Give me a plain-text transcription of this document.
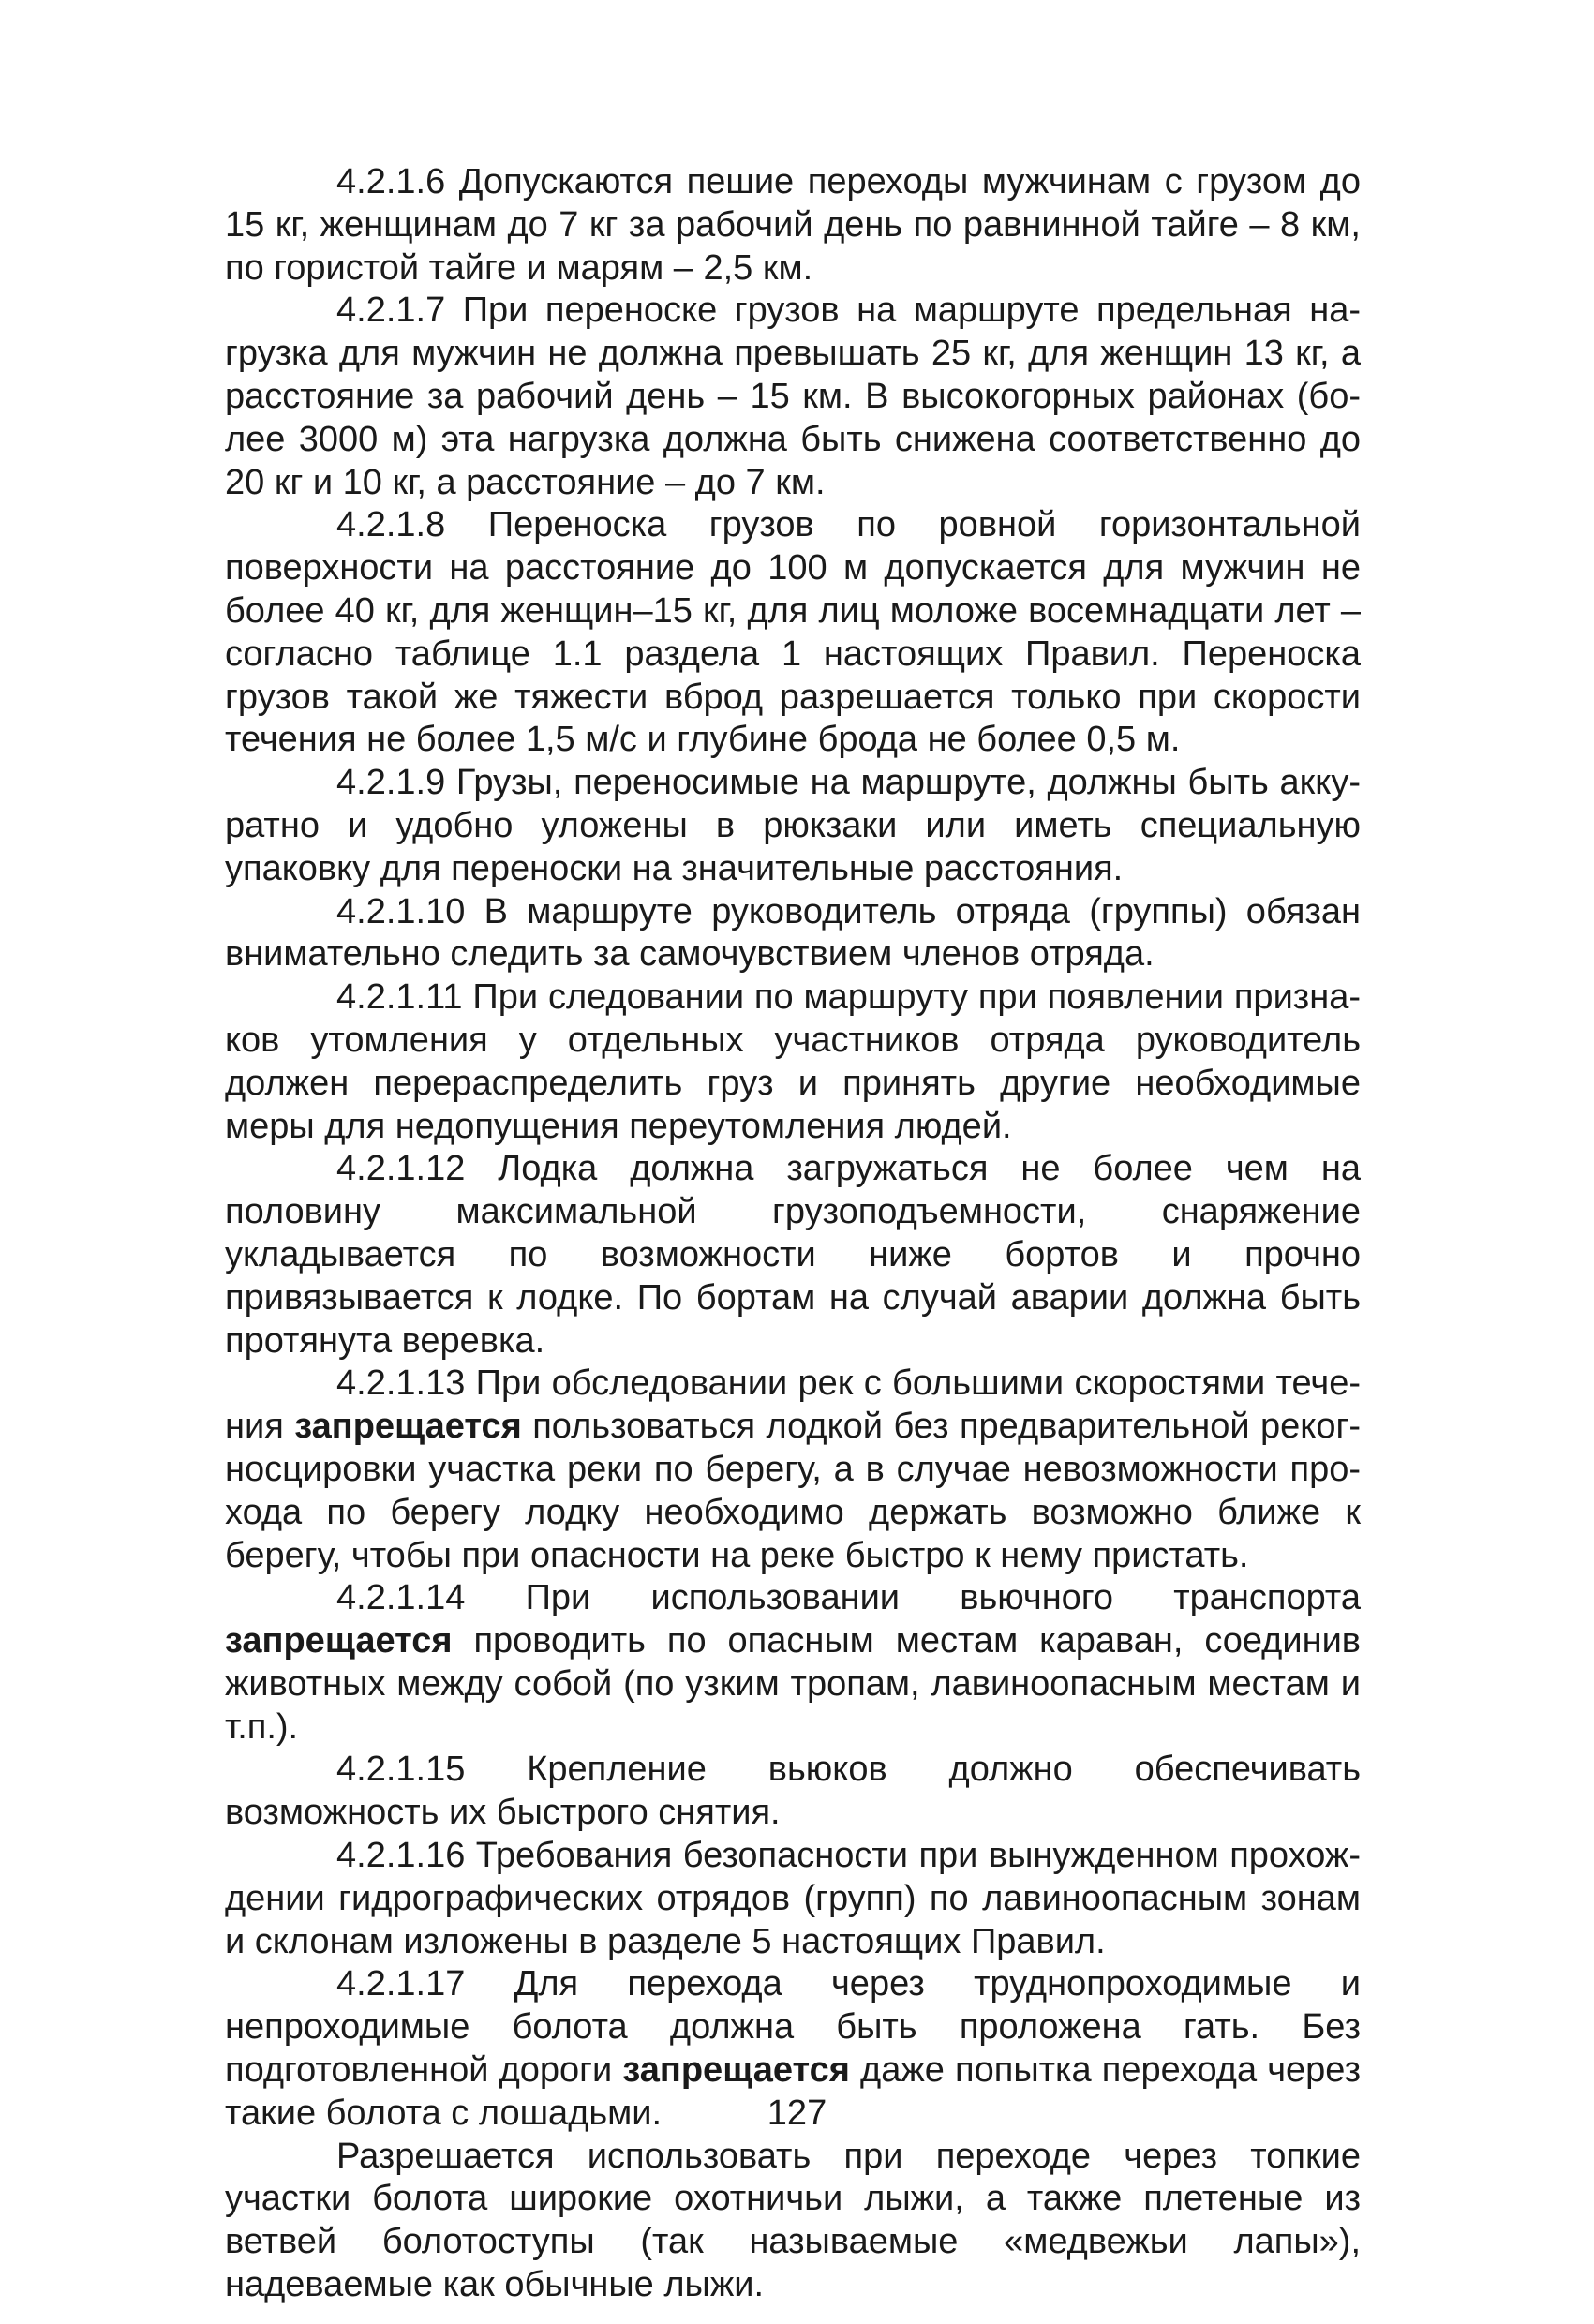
4.2.1.6 Допускаются пешие переходы мужчинам с грузом до 15 кг, женщинам до 7 кг за рабочий день по равнинной тайге – 8 км, по гористой тайге и марям – 2,5 км.

4.2.1.7 При переноске грузов на маршруте предельная нагрузка для мужчин не должна превышать 25 кг, для женщин 13 кг, а расстояние за рабочий день – 15 км. В высокогорных районах (более 3000 м) эта нагрузка должна быть снижена соответственно до 20 кг и 10 кг, а расстояние – до 7 км.

4.2.1.8 Переноска грузов по ровной горизонтальной поверхности на расстояние до 100 м допускается для мужчин не более 40 кг, для женщин–15 кг, для лиц моложе восемнадцати лет – согласно таблице 1.1 раздела 1 настоящих Правил. Переноска грузов такой же тяжести вброд разрешается только при скорости течения не более 1,5 м/с и глубине брода не более 0,5 м.

4.2.1.9 Грузы, переносимые на маршруте, должны быть аккуратно и удобно уложены в рюкзаки или иметь специальную упаковку для переноски на значительные расстояния.

4.2.1.10 В маршруте руководитель отряда (группы) обязан внимательно следить за самочувствием членов отряда.

4.2.1.11 При следовании по маршруту при появлении признаков утомления у отдельных участников отряда руководитель должен перераспределить груз и принять другие необходимые меры для недопущения переутомления людей.

4.2.1.12 Лодка должна загружаться не более чем на половину максимальной грузоподъемности, снаряжение укладывается по возможности ниже бортов и прочно привязывается к лодке. По бортам на случай аварии должна быть протянута веревка.

4.2.1.13 При обследовании рек с большими скоростями течения запрещается пользоваться лодкой без предварительной рекогносцировки участка реки по берегу, а в случае невозможности прохода по берегу лодку необходимо держать возможно ближе к берегу, чтобы при опасности на реке быстро к нему пристать.

4.2.1.14 При использовании вьючного транспорта запрещается проводить по опасным местам караван, соединив животных между собой (по узким тропам, лавиноопасным местам и т.п.).

4.2.1.15 Крепление вьюков должно обеспечивать возможность их быстрого снятия.

4.2.1.16 Требования безопасности при вынужденном прохождении гидрографических отрядов (групп) по лавиноопасным зонам и склонам изложены в разделе 5 настоящих Правил.

4.2.1.17 Для перехода через труднопроходимые и непроходимые болота должна быть проложена гать. Без подготовленной дороги запрещается даже попытка перехода через такие болота с лошадьми.

Разрешается использовать при переходе через топкие участки болота широкие охотничьи лыжи, а также плетеные из ветвей болотоступы (так называемые «медвежьи лапы»), надеваемые как обычные лыжи.

127
